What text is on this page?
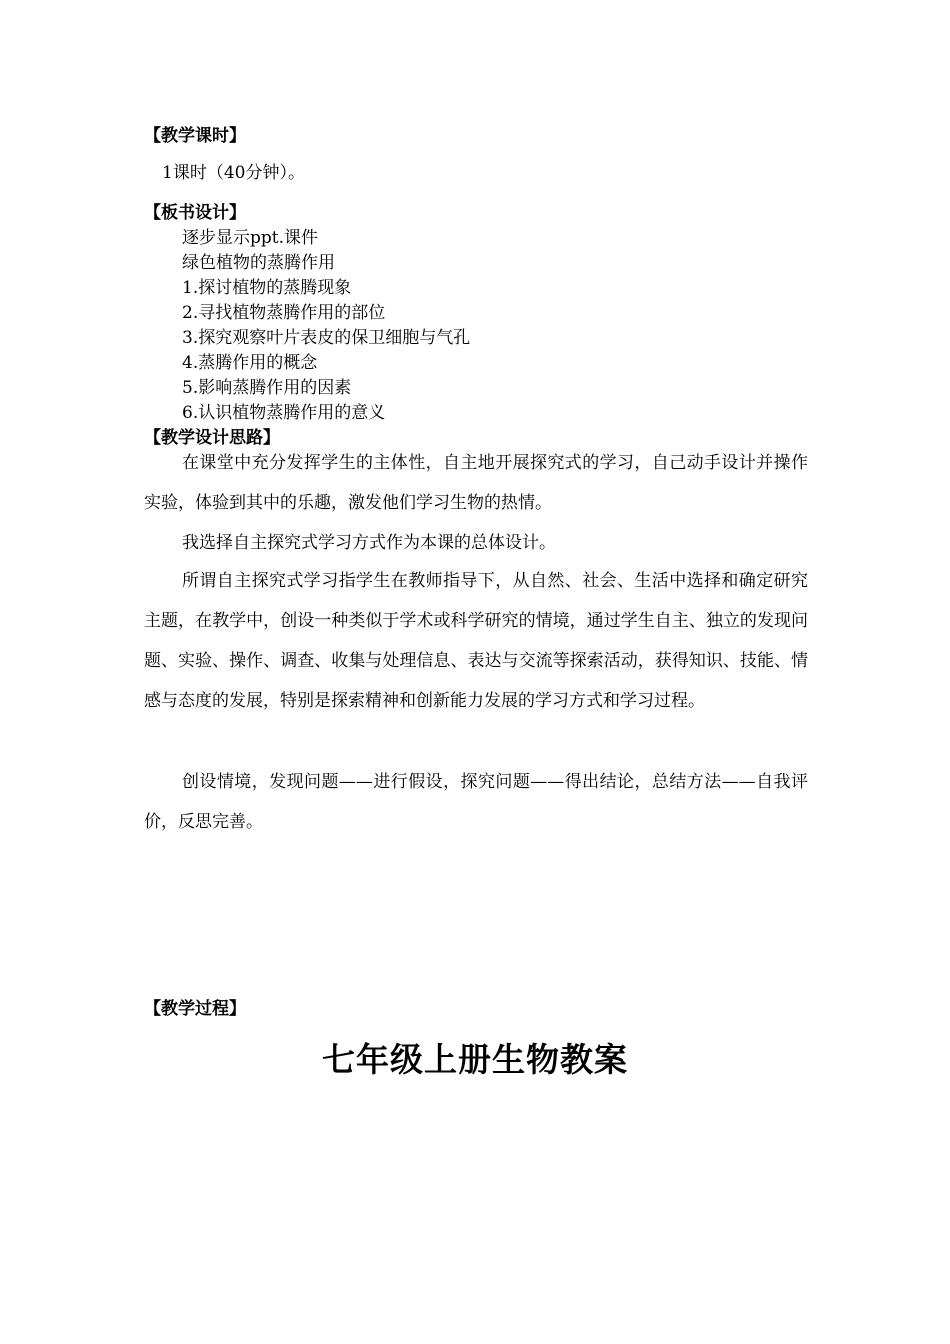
【教学课时】
1课时（40分钟）。
【板书设计】
逐步显示ppt.课件
绿色植物的蒸腾作用
1.探讨植物的蒸腾现象
2.寻找植物蒸腾作用的部位
3.探究观察叶片表皮的保卫细胞与气孔
4.蒸腾作用的概念
5.影响蒸腾作用的因素
6.认识植物蒸腾作用的意义
【教学设计思路】
在课堂中充分发挥学生的主体性，自主地开展探究式的学习，自己动手设计并操作实验，体验到其中的乐趣，激发他们学习生物的热情。
我选择自主探究式学习方式作为本课的总体设计。
所谓自主探究式学习指学生在教师指导下，从自然、社会、生活中选择和确定研究主题，在教学中，创设一种类似于学术或科学研究的情境，通过学生自主、独立的发现问题、实验、操作、调查、收集与处理信息、表达与交流等探索活动，获得知识、技能、情感与态度的发展，特别是探索精神和创新能力发展的学习方式和学习过程。
创设情境，发现问题——进行假设，探究问题——得出结论，总结方法——自我评价，反思完善。
【教学过程】
七年级上册生物教案
